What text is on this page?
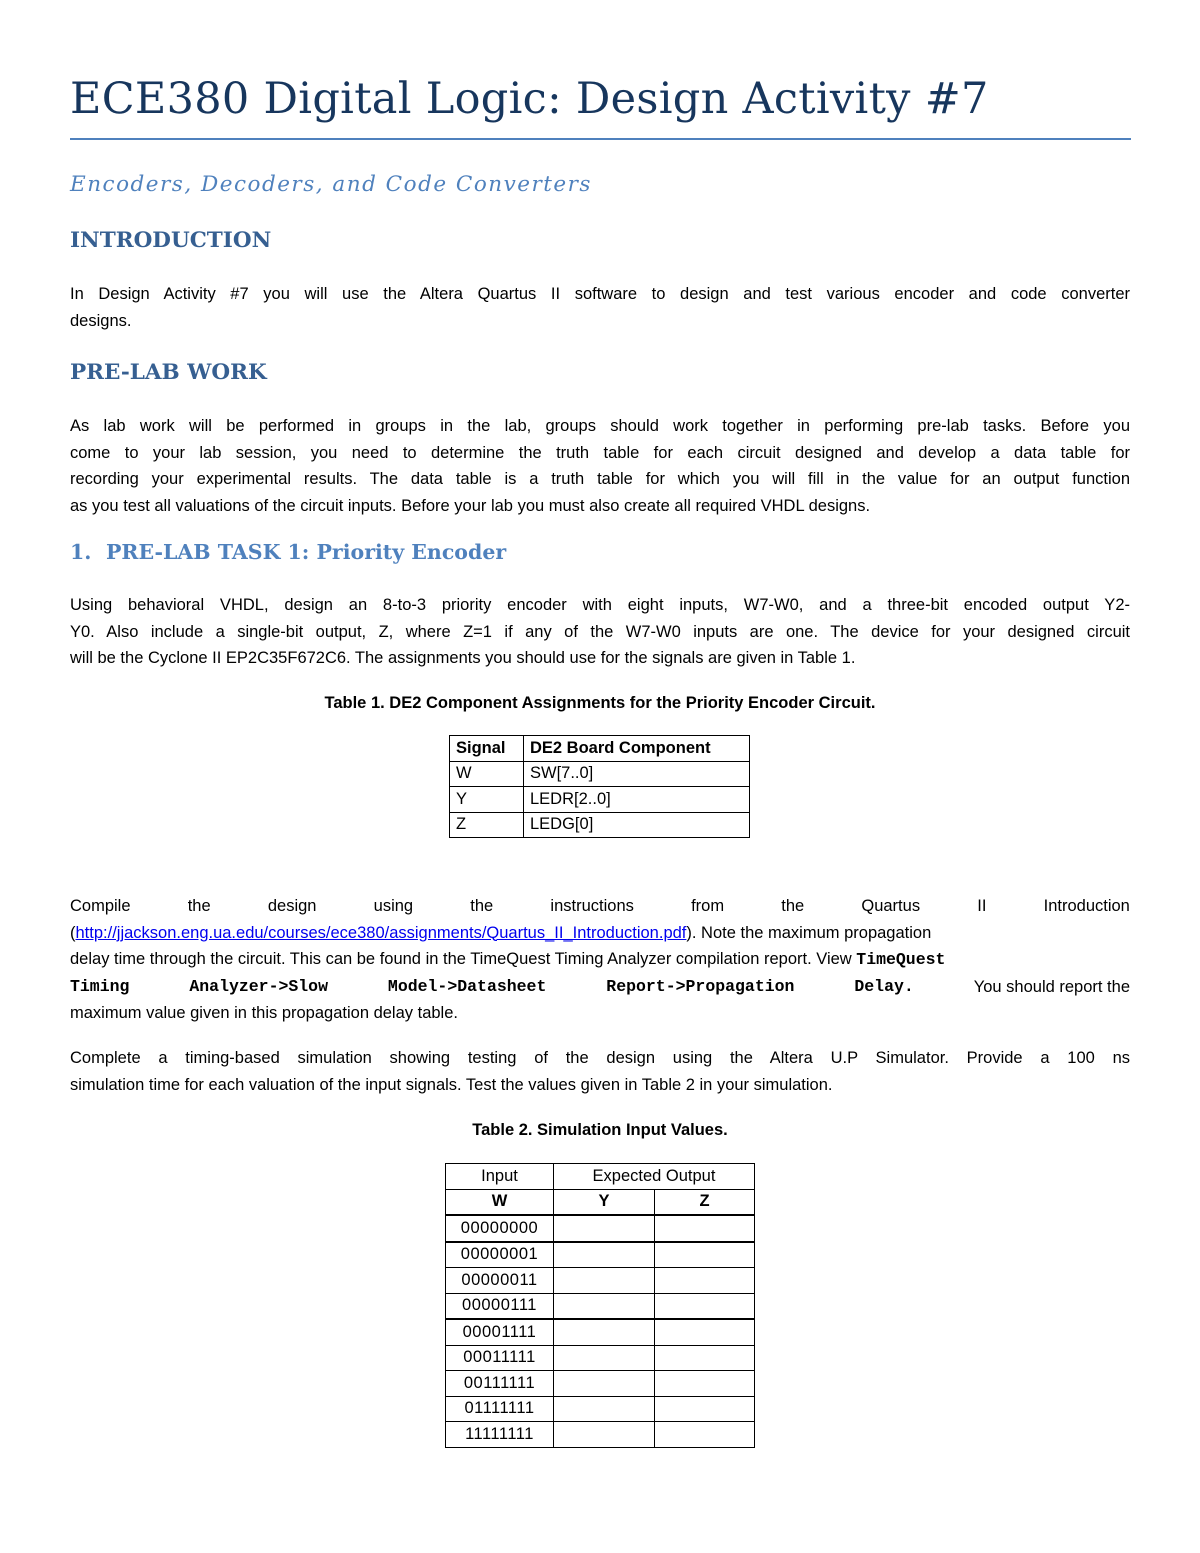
ECE380 Digital Logic: Design Activity #7

Encoders, Decoders, and Code Converters

INTRODUCTION
In Design Activity #7 you will use the Altera Quartus II software to design and test various encoder and code converter
designs.
PRE-LAB WORK
As lab work will be performed in groups in the lab, groups should work together in performing pre-lab tasks. Before you
come to your lab session, you need to determine the truth table for each circuit designed and develop a data table for
recording your experimental results. The data table is a truth table for which you will fill in the value for an output function
as you test all valuations of the circuit inputs. Before your lab you must also create all required VHDL designs.
1. PRE-LAB TASK 1: Priority Encoder
Using behavioral VHDL, design an 8-to-3 priority encoder with eight inputs, W7-W0, and a three-bit encoded output Y2-
Y0. Also include a single-bit output, Z, where Z=1 if any of the W7-W0 inputs are one. The device for your designed circuit
will be the Cyclone II EP2C35F672C6. The assignments you should use for the signals are given in Table 1.

Table 1. DE2 Component Assignments for the Priority Encoder Circuit.

Signal	DE2 Board Component
W	SW[7..0]
Y	LEDR[2..0]
Z	LEDG[0]
Compile	the	design	using	the	instructions	from	the	Quartus	II	Introduction
(http://jjackson.eng.ua.edu/courses/ece380/assignments/Quartus_II_Introduction.pdf). Note the maximum propagation
delay time through the circuit. This can be found in the TimeQuest Timing Analyzer compilation report. View TimeQuest
Timing	Analyzer->Slow	Model->Datasheet	Report->Propagation	Delay.	You should report the
maximum value given in this propagation delay table.
Complete a timing-based simulation showing testing of the design using the Altera U.P Simulator. Provide a 100 ns
simulation time for each valuation of the input signals. Test the values given in Table 2 in your simulation.

Table 2. Simulation Input Values.

Input	Expected Output	
W	Y	Z
00000000		
00000001		
00000011		
00000111		
00001111		
00011111		
00111111		
01111111		
11111111		
